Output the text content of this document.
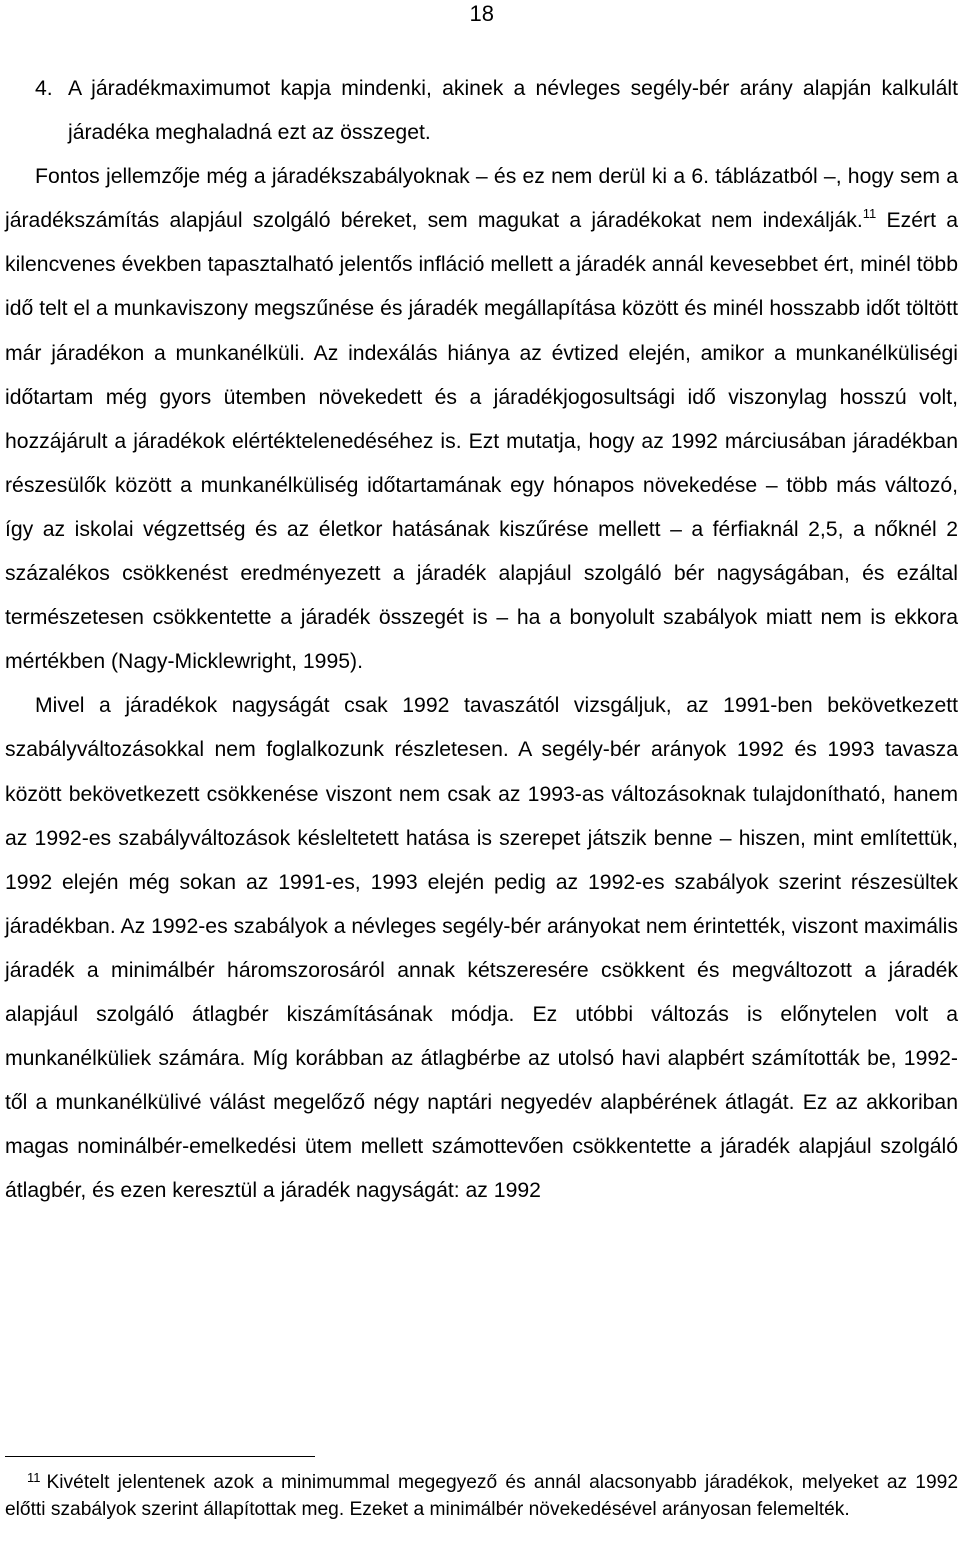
18

4. A járadékmaximumot kapja mindenki, akinek a névleges segély-bér arány alapján kalkulált járadéka meghaladná ezt az összeget.

Fontos jellemzője még a járadékszabályoknak – és ez nem derül ki a 6. táblázatból –, hogy sem a járadékszámítás alapjául szolgáló béreket, sem magukat a járadékokat nem indexálják.$^{11}$ Ezért a kilencvenes években tapasztalható jelentős infláció mellett a járadék annál kevesebbet ért, minél több idő telt el a munkaviszony megszűnése és járadék megállapítása között és minél hosszabb időt töltött már járadékon a munkanélküli. Az indexálás hiánya az évtized elején, amikor a munkanélküliségi időtartam még gyors ütemben növekedett és a járadékjogosultsági idő viszonylag hosszú volt, hozzájárult a járadékok elértéktelenedéséhez is. Ezt mutatja, hogy az 1992 márciusában járadékban részesülők között a munkanélküliség időtartamának egy hónapos növekedése – több más változó, így az iskolai végzettség és az életkor hatásának kiszűrése mellett – a férfiaknál 2,5, a nőknél 2 százalékos csökkenést eredményezett a járadék alapjául szolgáló bér nagyságában, és ezáltal természetesen csökkentette a járadék összegét is – ha a bonyolult szabályok miatt nem is ekkora mértékben (Nagy-Micklewright, 1995).

Mivel a járadékok nagyságát csak 1992 tavaszától vizsgáljuk, az 1991-ben bekövetkezett szabályváltozásokkal nem foglalkozunk részletesen. A segély-bér arányok 1992 és 1993 tavasza között bekövetkezett csökkenése viszont nem csak az 1993-as változásoknak tulajdonítható, hanem az 1992-es szabályváltozások késleltetett hatása is szerepet játszik benne – hiszen, mint említettük, 1992 elején még sokan az 1991-es, 1993 elején pedig az 1992-es szabályok szerint részesültek járadékban. Az 1992-es szabályok a névleges segély-bér arányokat nem érintették, viszont maximális járadék a minimálbér háromszorosáról annak kétszeresére csökkent és megváltozott a járadék alapjául szolgáló átlagbér kiszámításának módja. Ez utóbbi változás is előnytelen volt a munkanélküliek számára. Míg korábban az átlagbérbe az utolsó havi alapbért számították be, 1992-től a munkanélkülivé válást megelőző négy naptári negyedév alapbérének átlagát. Ez az akkoriban magas nominálbér-emelkedési ütem mellett számottevően csökkentette a járadék alapjául szolgáló átlagbér, és ezen keresztül a járadék nagyságát: az 1992

$^{11}$ Kivételt jelentenek azok a minimummal megegyező és annál alacsonyabb járadékok, melyeket az 1992 előtti szabályok szerint állapítottak meg. Ezeket a minimálbér növekedésével arányosan felemelték.
